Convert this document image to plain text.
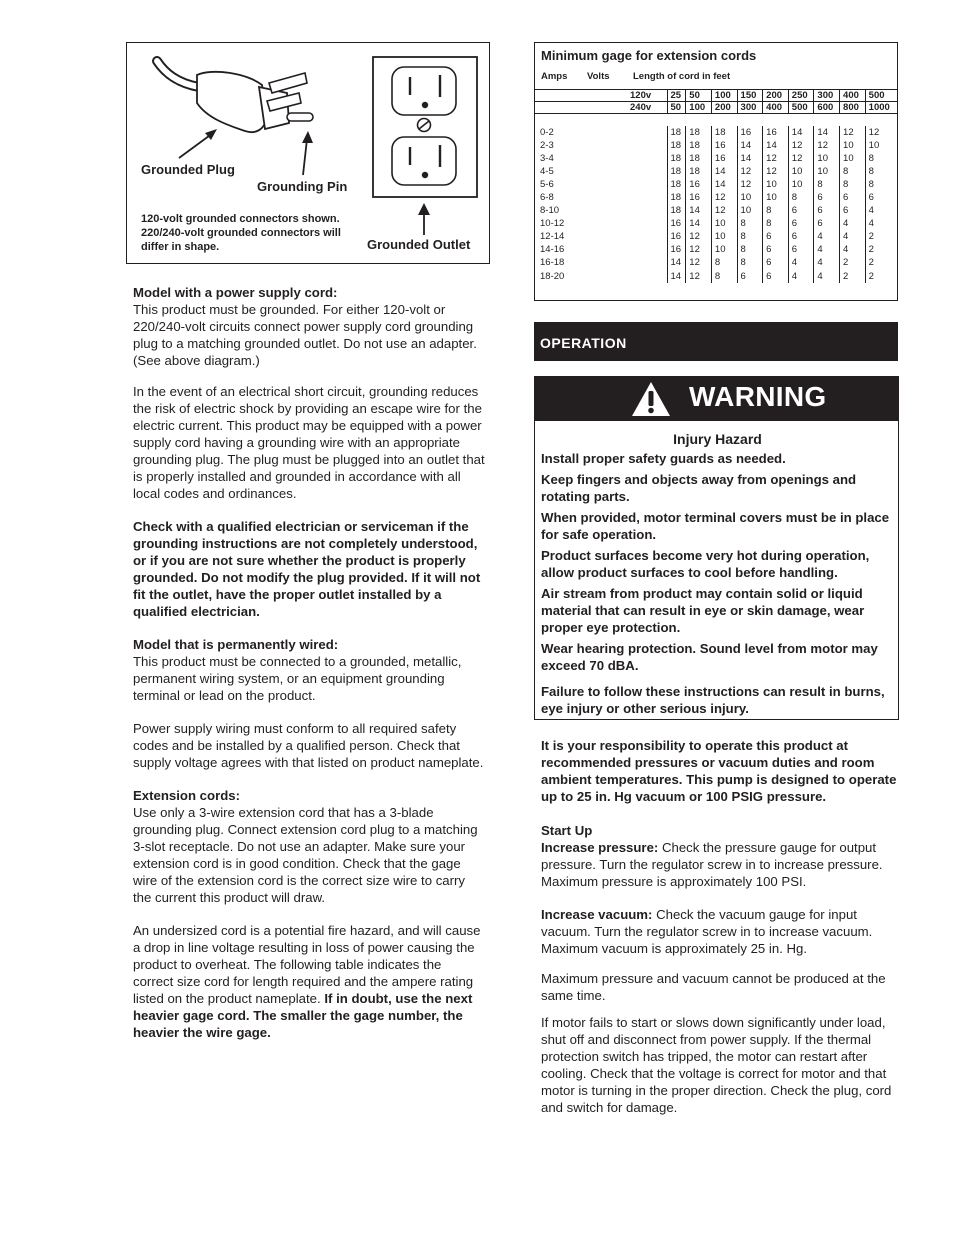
Grounded Plug
Grounding Pin
120-volt grounded connectors shown. 220/240-volt grounded connectors will differ in shape.	Grounded Outlet

Model with a power supply cord:
This product must be grounded. For either 120-volt or 220/240-volt circuits connect power supply cord grounding plug to a matching grounded outlet. Do not use an adapter. (See above diagram.)

In the event of an electrical short circuit, grounding reduces the risk of electric shock by providing an escape wire for the electric current. This product may be equipped with a power supply cord having a grounding wire with an appropriate grounding plug. The plug must be plugged into an outlet that is properly installed and grounded in accordance with all local codes and ordinances.

Check with a qualified electrician or serviceman if the grounding instructions are not completely understood, or if you are not sure whether the product is properly grounded. Do not modify the plug provided. If it will not fit the outlet, have the proper outlet installed by a qualified electrician.

Model that is permanently wired:
This product must be connected to a grounded, metallic, permanent wiring system, or an equipment grounding terminal or lead on the product.

Power supply wiring must conform to all required safety codes and be installed by a qualified person. Check that supply voltage agrees with that listed on product nameplate.

Extension cords:
Use only a 3-wire extension cord that has a 3-blade grounding plug. Connect extension cord plug to a matching 3-slot receptacle. Do not use an adapter. Make sure your extension cord is in good condition. Check that the gage wire of the extension cord is the correct size wire to carry the current this product will draw.

An undersized cord is a potential fire hazard, and will cause a drop in line voltage resulting in loss of power causing the product to overheat. The following table indicates the correct size cord for length required and the ampere rating listed on the product nameplate. If in doubt, use the next heavier gage cord. The smaller the gage number, the heavier the wire gage.

Minimum gage for extension cords
Amps Volts Length of cord in feet
	120v	25	50	100	150	200	250	300	400	500
	240v	50	100	200	300	400	500	600	800	1000

0-2		18	18	18	16	16	14	14	12	12
2-3		18	18	16	14	14	12	12	10	10
3-4		18	18	16	14	12	12	10	10	8
4-5		18	18	14	12	12	10	10	8	8
5-6		18	16	14	12	10	10	8	8	8
6-8		18	16	12	10	10	8	6	6	6
8-10		18	14	12	10	8	6	6	6	4
10-12		16	14	10	8	8	6	6	4	4
12-14		16	12	10	8	6	6	4	4	2
14-16		16	12	10	8	6	6	4	4	2
16-18		14	12	8	8	6	4	4	2	2
18-20		14	12	8	6	6	4	4	2	2

OPERATION
WARNING
Injury Hazard

Install proper safety guards as needed.

Keep fingers and objects away from openings and rotating parts.

When provided, motor terminal covers must be in place for safe operation.

Product surfaces become very hot during operation, allow product surfaces to cool before handling.

Air stream from product may contain solid or liquid material that can result in eye or skin damage, wear proper eye protection.

Wear hearing protection. Sound level from motor may exceed 70 dBA.

Failure to follow these instructions can result in burns, eye injury or other serious injury.

It is your responsibility to operate this product at recommended pressures or vacuum duties and room ambient temperatures. This pump is designed to operate up to 25 in. Hg vacuum or 100 PSIG pressure.

Start Up
Increase pressure: Check the pressure gauge for output pressure. Turn the regulator screw in to increase pressure. Maximum pressure is approximately 100 PSI.

Increase vacuum: Check the vacuum gauge for input vacuum. Turn the regulator screw in to increase vacuum. Maximum vacuum is approximately 25 in. Hg.

Maximum pressure and vacuum cannot be produced at the same time.

If motor fails to start or slows down significantly under load, shut off and disconnect from power supply. If the thermal protection switch has tripped, the motor can restart after cooling. Check that the voltage is correct for motor and that motor is turning in the proper direction. Check the plug, cord and switch for damage.
